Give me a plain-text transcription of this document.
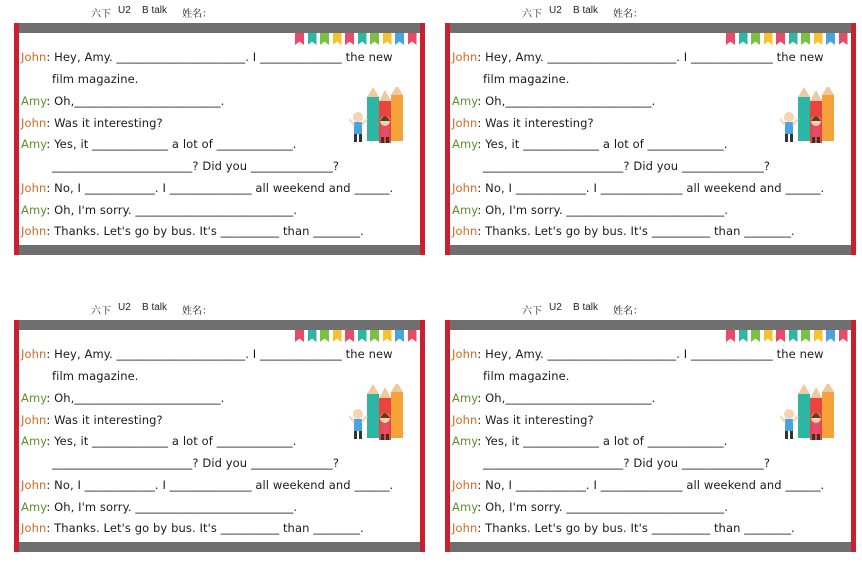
六下 U2 B talk 姓名：
John: Hey, Amy. ______________________. I ______________ the new
film magazine.
Amy: Oh,_________________________.
John: Was it interesting?
Amy: Yes, it _____________ a lot of _____________.
________________________? Did you ______________?
John: No, I ____________. I ______________ all weekend and ______.
Amy: Oh, I'm sorry. ___________________________.
John: Thanks. Let's go by bus. It's __________ than ________.
六下 U2 B talk 姓名：
John: Hey, Amy. ______________________. I ______________ the new
film magazine.
Amy: Oh,_________________________.
John: Was it interesting?
Amy: Yes, it _____________ a lot of _____________.
________________________? Did you ______________?
John: No, I ____________. I ______________ all weekend and ______.
Amy: Oh, I'm sorry. ___________________________.
John: Thanks. Let's go by bus. It's __________ than ________.
六下 U2 B talk 姓名：
John: Hey, Amy. ______________________. I ______________ the new
film magazine.
Amy: Oh,_________________________.
John: Was it interesting?
Amy: Yes, it _____________ a lot of _____________.
________________________? Did you ______________?
John: No, I ____________. I ______________ all weekend and ______.
Amy: Oh, I'm sorry. ___________________________.
John: Thanks. Let's go by bus. It's __________ than ________.
六下 U2 B talk 姓名：
John: Hey, Amy. ______________________. I ______________ the new
film magazine.
Amy: Oh,_________________________.
John: Was it interesting?
Amy: Yes, it _____________ a lot of _____________.
________________________? Did you ______________?
John: No, I ____________. I ______________ all weekend and ______.
Amy: Oh, I'm sorry. ___________________________.
John: Thanks. Let's go by bus. It's __________ than ________.
